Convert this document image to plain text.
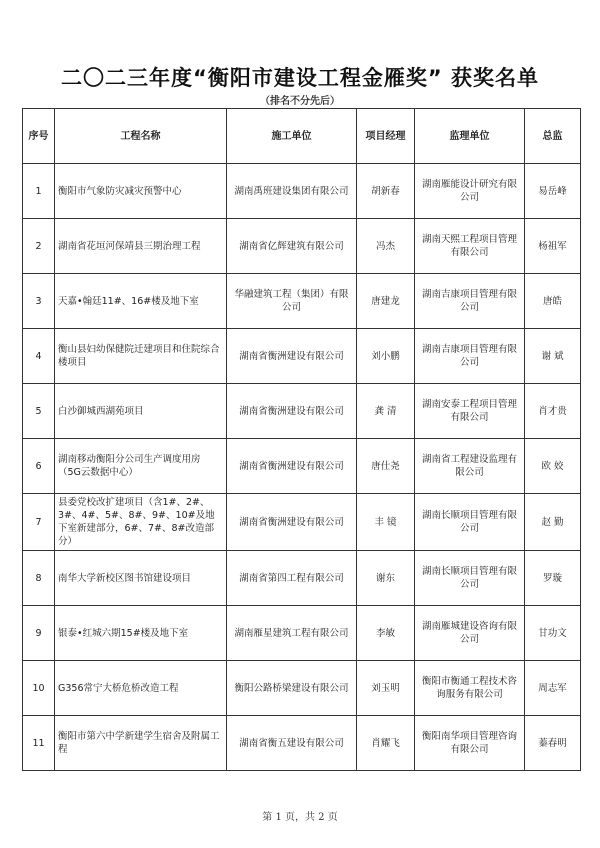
二〇二三年度“衡阳市建设工程金雁奖” 获奖名单
（排名不分先后）
序号	工程名称	施工单位	项目经理	监理单位	总监
1	衡阳市气象防灾减灾预警中心	湖南禹班建设集团有限公司	胡新春	湖南雁能设计研究有限公司	易岳峰
2	湖南省花垣河保靖县三期治理工程	湖南省亿辉建筑有限公司	冯杰	湖南天熙工程项目管理有限公司	杨祖军
3	天嘉•翰廷11#、16#楼及地下室	华融建筑工程（集团）有限公司	唐建龙	湖南吉康项目管理有限公司	唐皓
4	衡山县妇幼保健院迁建项目和住院综合楼项目	湖南省衡洲建设有限公司	刘小鹏	湖南吉康项目管理有限公司	谢 斌
5	白沙御城西湖苑项目	湖南省衡洲建设有限公司	龚 清	湖南安泰工程项目管理有限公司	肖才贵
6	湖南移动衡阳分公司生产调度用房（5G云数据中心）	湖南省衡洲建设有限公司	唐仕尧	湖南省工程建设监理有限公司	欧 姣
7	县委党校改扩建项目（含1#、2#、3#、4#、5#、8#、9#、10#及地下室新建部分，6#、7#、8#改造部分）	湖南省衡洲建设有限公司	丰 镜	湖南长顺项目管理有限公司	赵 勤
8	南华大学新校区图书馆建设项目	湖南省第四工程有限公司	谢东	湖南长顺项目管理有限公司	罗璇
9	银泰•红城六期15#楼及地下室	湖南雁星建筑工程有限公司	李敏	湖南雁城建设咨询有限公司	甘功文
10	G356常宁大桥危桥改造工程	衡阳公路桥梁建设有限公司	刘玉明	衡阳市衡通工程技术咨询服务有限公司	周志军
11	衡阳市第六中学新建学生宿舍及附属工程	湖南省衡五建设有限公司	肖耀飞	衡阳南华项目管理咨询有限公司	蓁春明
第 1 页，共 2 页
